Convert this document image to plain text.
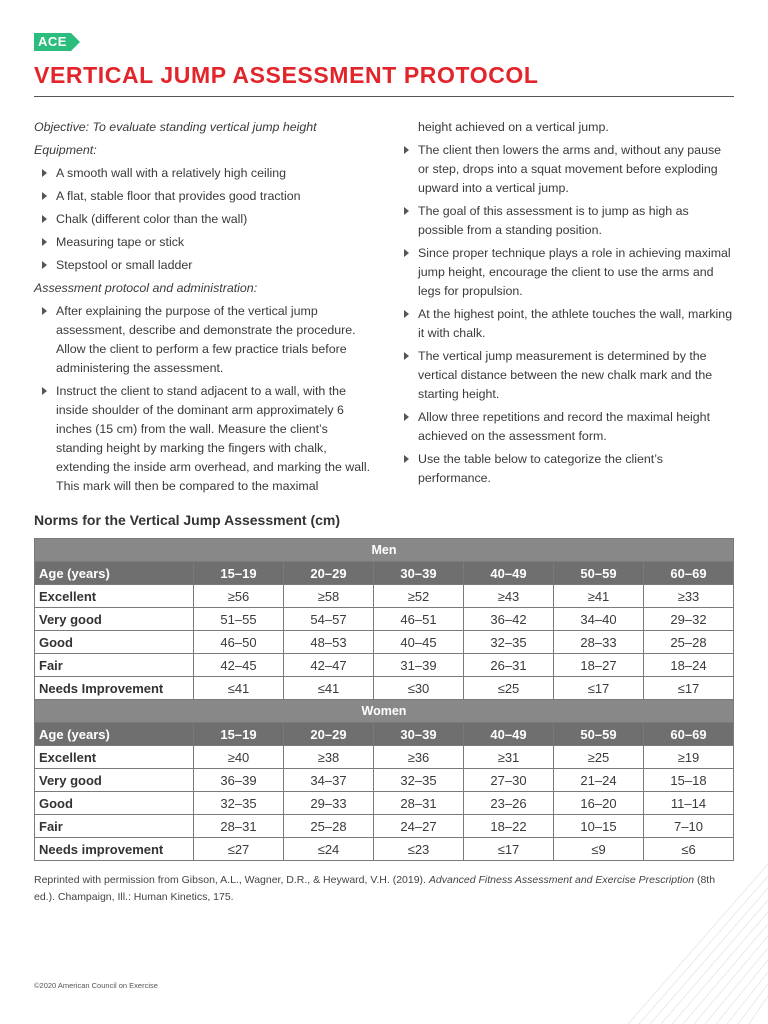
ACE
VERTICAL JUMP ASSESSMENT PROTOCOL

Objective: To evaluate standing vertical jump height

Equipment:

A smooth wall with a relatively high ceiling
A flat, stable floor that provides good traction
Chalk (different color than the wall)
Measuring tape or stick
Stepstool or small ladder

Assessment protocol and administration:

After explaining the purpose of the vertical jump assessment, describe and demonstrate the procedure. Allow the client to perform a few practice trials before administering the assessment.
Instruct the client to stand adjacent to a wall, with the inside shoulder of the dominant arm approximately 6 inches (15 cm) from the wall. Measure the client’s standing height by marking the fingers with chalk, extending the inside arm overhead, and marking the wall. This mark will then be compared to the maximal
height achieved on a vertical jump.
The client then lowers the arms and, without any pause or step, drops into a squat movement before exploding upward into a vertical jump.
The goal of this assessment is to jump as high as possible from a standing position.
Since proper technique plays a role in achieving maximal jump height, encourage the client to use the arms and legs for propulsion.
At the highest point, the athlete touches the wall, marking it with chalk.
The vertical jump measurement is determined by the vertical distance between the new chalk mark and the starting height.
Allow three repetitions and record the maximal height achieved on the assessment form.
Use the table below to categorize the client’s performance.
Norms for the Vertical Jump Assessment (cm)
Men						
Age (years)	15–19	20–29	30–39	40–49	50–59	60–69
Excellent	≥56	≥58	≥52	≥43	≥41	≥33
Very good	51–55	54–57	46–51	36–42	34–40	29–32
Good	46–50	48–53	40–45	32–35	28–33	25–28
Fair	42–45	42–47	31–39	26–31	18–27	18–24
Needs Improvement	≤41	≤41	≤30	≤25	≤17	≤17
Women						
Age (years)	15–19	20–29	30–39	40–49	50–59	60–69
Excellent	≥40	≥38	≥36	≥31	≥25	≥19
Very good	36–39	34–37	32–35	27–30	21–24	15–18
Good	32–35	29–33	28–31	23–26	16–20	11–14
Fair	28–31	25–28	24–27	18–22	10–15	7–10
Needs improvement	≤27	≤24	≤23	≤17	≤9	≤6

Reprinted with permission from Gibson, A.L., Wagner, D.R., & Heyward, V.H. (2019). Advanced Fitness Assessment and Exercise Prescription (8th ed.). Champaign, Ill.: Human Kinetics, 175.

©2020 American Council on Exercise
